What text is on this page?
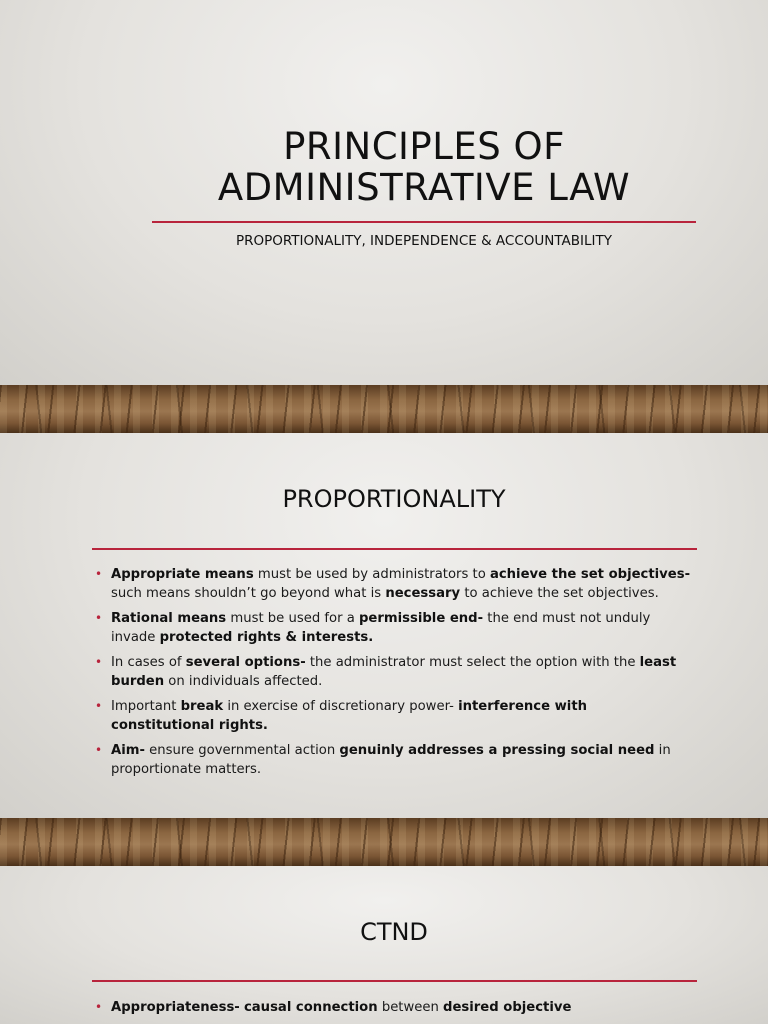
PRINCIPLES OF
ADMINISTRATIVE LAW
PROPORTIONALITY, INDEPENDENCE & ACCOUNTABILITY
PROPORTIONALITY
• Appropriate means must be used by administrators to achieve the set objectives- such means shouldn’t go beyond what is necessary to achieve the set objectives.
• Rational means must be used for a permissible end- the end must not unduly invade protected rights & interests.
• In cases of several options- the administrator must select the option with the least burden on individuals affected.
• Important break in exercise of discretionary power- interference with constitutional rights.
• Aim- ensure governmental action genuinly addresses a pressing social need in proportionate matters.
CTND
• Appropriateness- causal connection between desired objective
